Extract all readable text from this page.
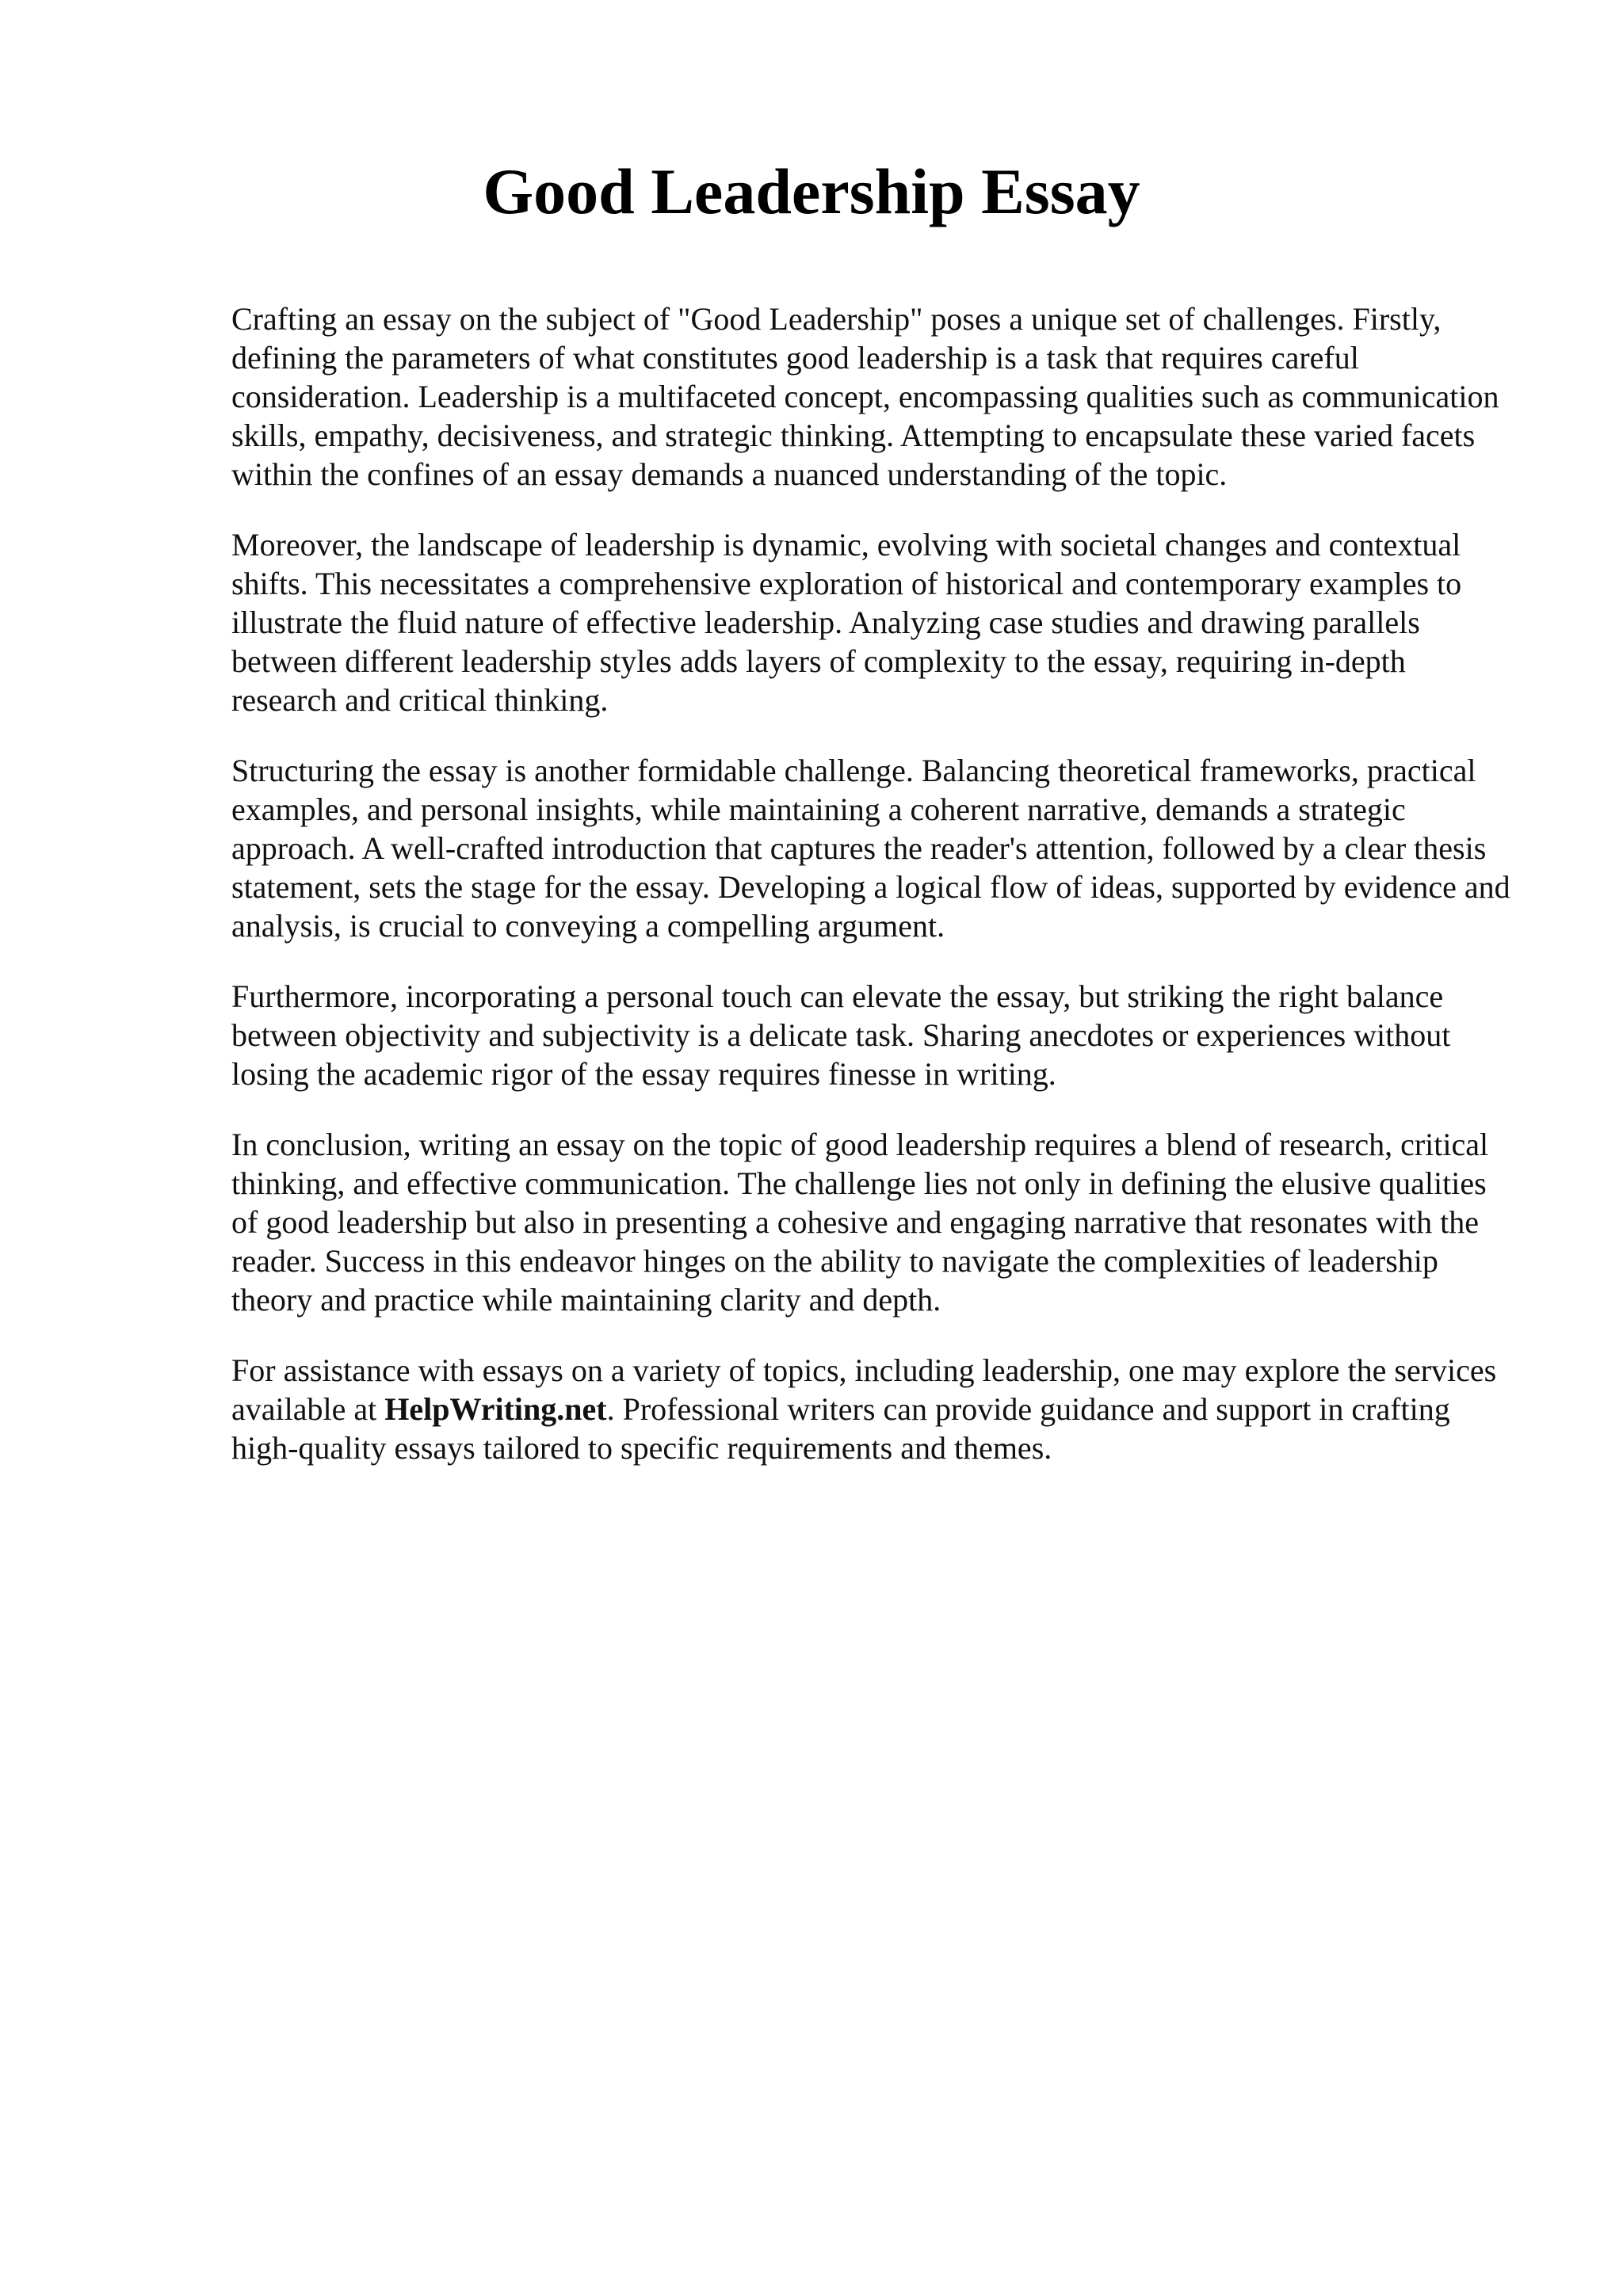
Good Leadership Essay

Crafting an essay on the subject of "Good Leadership" poses a unique set of challenges. Firstly, defining the parameters of what constitutes good leadership is a task that requires careful consideration. Leadership is a multifaceted concept, encompassing qualities such as communication skills, empathy, decisiveness, and strategic thinking. Attempting to encapsulate these varied facets within the confines of an essay demands a nuanced understanding of the topic.

Moreover, the landscape of leadership is dynamic, evolving with societal changes and contextual shifts. This necessitates a comprehensive exploration of historical and contemporary examples to illustrate the fluid nature of effective leadership. Analyzing case studies and drawing parallels between different leadership styles adds layers of complexity to the essay, requiring in-depth research and critical thinking.

Structuring the essay is another formidable challenge. Balancing theoretical frameworks, practical examples, and personal insights, while maintaining a coherent narrative, demands a strategic approach. A well-crafted introduction that captures the reader's attention, followed by a clear thesis statement, sets the stage for the essay. Developing a logical flow of ideas, supported by evidence and analysis, is crucial to conveying a compelling argument.

Furthermore, incorporating a personal touch can elevate the essay, but striking the right balance between objectivity and subjectivity is a delicate task. Sharing anecdotes or experiences without losing the academic rigor of the essay requires finesse in writing.

In conclusion, writing an essay on the topic of good leadership requires a blend of research, critical thinking, and effective communication. The challenge lies not only in defining the elusive qualities of good leadership but also in presenting a cohesive and engaging narrative that resonates with the reader. Success in this endeavor hinges on the ability to navigate the complexities of leadership theory and practice while maintaining clarity and depth.

For assistance with essays on a variety of topics, including leadership, one may explore the services available at HelpWriting.net. Professional writers can provide guidance and support in crafting high-quality essays tailored to specific requirements and themes.
